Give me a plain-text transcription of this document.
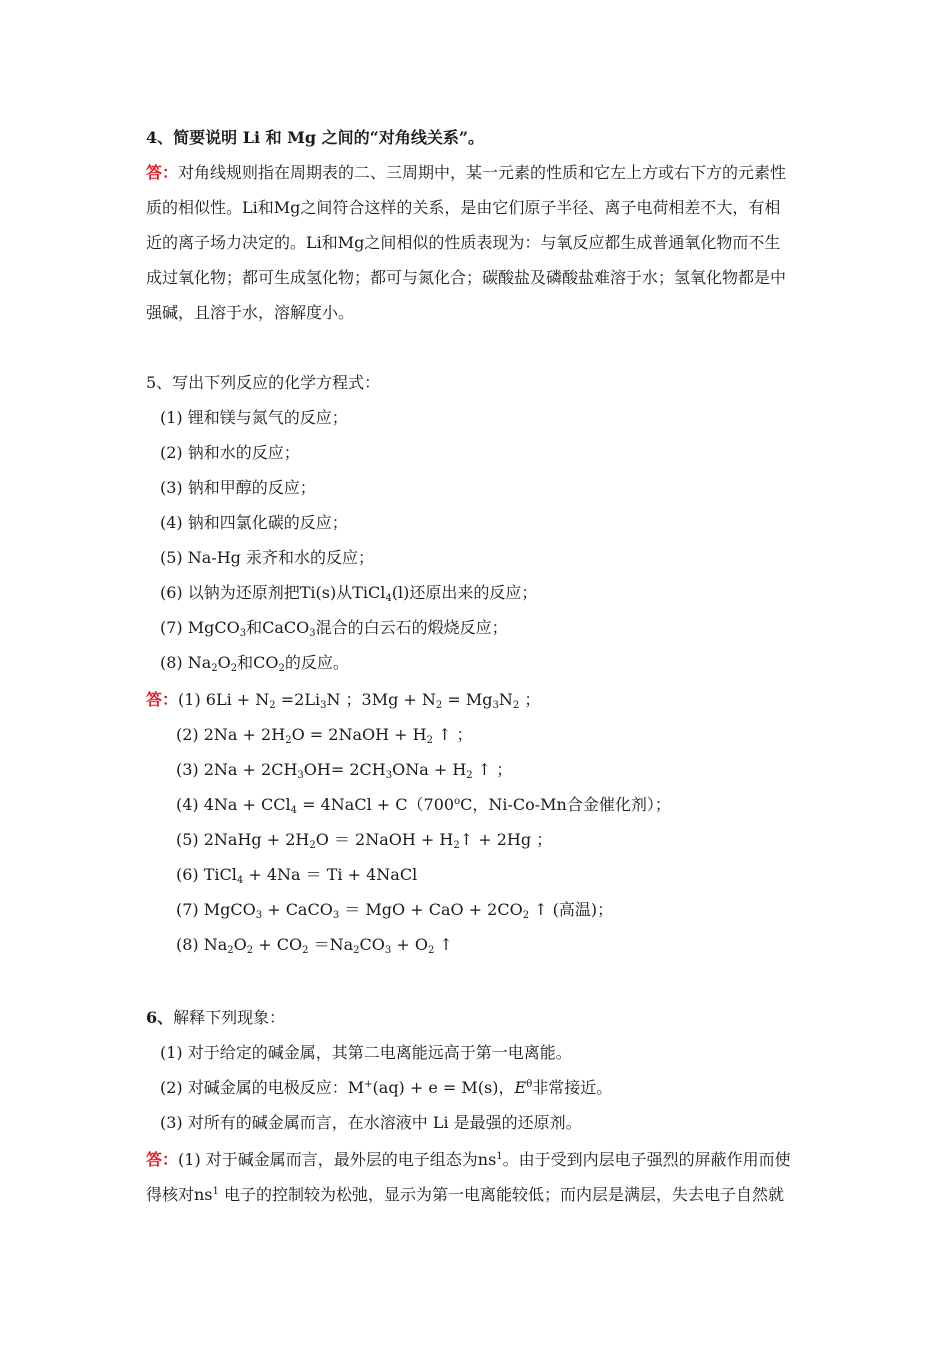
4、简要说明 Li 和 Mg 之间的“对角线关系”。
答：对角线规则指在周期表的二、三周期中，某一元素的性质和它左上方或右下方的元素性
质的相似性。Li和Mg之间符合这样的关系，是由它们原子半径、离子电荷相差不大，有相
近的离子场力决定的。Li和Mg之间相似的性质表现为：与氧反应都生成普通氧化物而不生
成过氧化物；都可生成氢化物；都可与氮化合；碳酸盐及磷酸盐难溶于水；氢氧化物都是中
强碱，且溶于水，溶解度小。
5、写出下列反应的化学方程式：
(1) 锂和镁与氮气的反应；
(2) 钠和水的反应；
(3) 钠和甲醇的反应；
(4) 钠和四氯化碳的反应；
(5) Na-Hg 汞齐和水的反应；
(6) 以钠为还原剂把Ti(s)从TiCl$_4$(l)还原出来的反应；
(7) MgCO$_3$和CaCO$_3$混合的白云石的煅烧反应；
(8) $Na_2O_2$和$CO_2$的反应。
答：(1) $6Li + N_2 =2Li_3N$ ；$3Mg + N_2 = Mg_3N_2$ ；
(2) $2Na + 2H_2O$ = 2NaOH + $H_2$ ↑ ；
(3) $2Na + 2CH_3OH= 2CH_3ONa + H_2$ ↑ ；
(4) 4Na + CCl$_4$ = 4NaCl + $C(700^oC$，Ni-Co-Mn合金催化剂）；
(5) 2NaHg + $2H_2O$ ＝ 2NaOH + $H_2↑ + 2Hg$ ；
(6) TiCl$_4$ + 4Na ＝ Ti + 4NaCl
(7) MgCO$_3$ + CaCO$_3$ ＝ MgO + CaO + $2CO_2$ ↑ (高温)；
(8) $Na_2O_2 + CO_2 =Na_2CO_3 + O_2$ ↑
6、解释下列现象：
(1) 对于给定的碱金属，其第二电离能远高于第一电离能。
(2) 对碱金属的电极反应：M+(aq) + e = M(s)，$E^\theta$非常接近。
(3) 对所有的碱金属而言，在水溶液中 Li 是最强的还原剂。
答：(1) 对于碱金属而言，最外层的电子组态为$ns^1$。由于受到内层电子强烈的屏蔽作用而使
得核对$ns^1$ 电子的控制较为松弛，显示为第一电离能较低；而内层是满层，失去电子自然就
